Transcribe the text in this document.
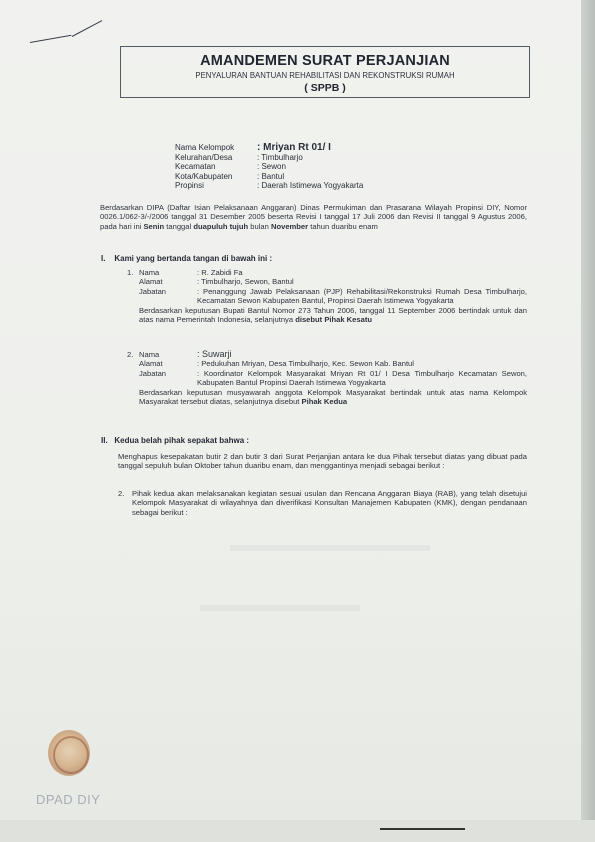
AMANDEMEN SURAT PERJANJIAN
PENYALURAN BANTUAN REHABILITASI DAN REKONSTRUKSI RUMAH
( SPPB )
Nama Kelompok	: Mriyan Rt 01/ I
Kelurahan/Desa	: Timbulharjo
Kecamatan	: Sewon
Kota/Kabupaten	: Bantul
Propinsi	: Daerah Istimewa Yogyakarta
Berdasarkan DIPA (Daftar Isian Pelaksanaan Anggaran) Dinas Permukiman dan Prasarana Wilayah Propinsi DIY, Nomor 0026.1/062-3/-/2006 tanggal 31 Desember 2005 beserta Revisi I tanggal 17 Juli 2006 dan Revisi II tanggal 9 Agustus 2006, pada hari ini Senin tanggal duapuluh tujuh bulan November tahun duaribu enam
I.    Kami yang bertanda tangan di bawah ini :
1. Nama	: R. Zabidi Fa
Alamat	: Timbulharjo, Sewon, Bantul
Jabatan	: Penanggung Jawab Pelaksanaan (PJP) Rehabilitasi/Rekonstruksi Rumah Desa Timbulharjo, Kecamatan Sewon Kabupaten Bantul, Propinsi Daerah Istimewa Yogyakarta
Berdasarkan keputusan Bupati Bantul Nomor 273 Tahun 2006, tanggal 11 September 2006 bertindak untuk dan atas nama Pemerintah Indonesia, selanjutnya disebut Pihak Kesatu
2. Nama	: Suwarji
Alamat	: Pedukuhan Mriyan, Desa Timbulharjo, Kec. Sewon Kab. Bantul
Jabatan	: Koordinator Kelompok Masyarakat Mriyan Rt 01/ I Desa Timbulharjo Kecamatan Sewon, Kabupaten Bantul Propinsi Daerah Istimewa Yogyakarta
Berdasarkan keputusan musyawarah anggota Kelompok Masyarakat bertindak untuk atas nama Kelompok Masyarakat tersebut diatas, selanjutnya disebut Pihak Kedua
II.   Kedua belah pihak sepakat bahwa :
Menghapus kesepakatan butir 2 dan butir 3 dari Surat Perjanjian antara ke dua Pihak tersebut diatas yang dibuat pada tanggal sepuluh bulan Oktober tahun duaribu enam, dan menggantinya menjadi sebagai berikut :
2.	Pihak kedua akan melaksanakan kegiatan sesuai usulan dan Rencana Anggaran Biaya (RAB), yang telah disetujui Kelompok Masyarakat di wilayahnya dan diverifikasi Konsultan Manajemen Kabupaten (KMK), dengan pendanaan sebagai berikut :
DPAD DIY
